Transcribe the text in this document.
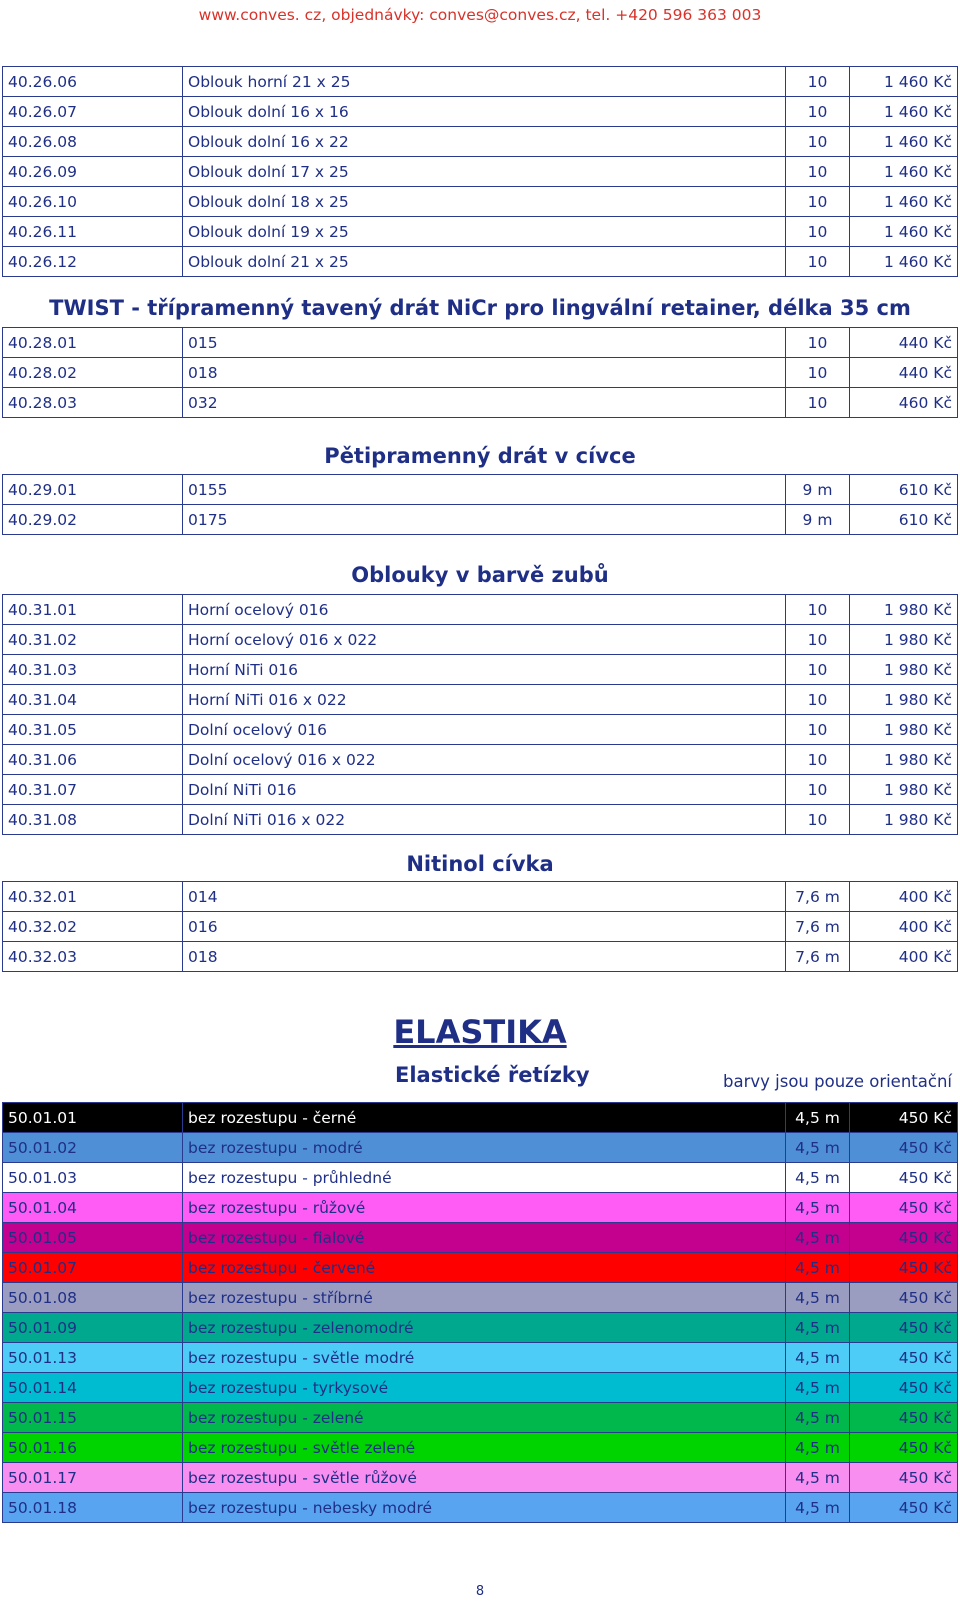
www.conves. cz, objednávky: conves@conves.cz, tel. +420 596 363 003
40.26.06	Oblouk horní 21 x 25	10	1 460 Kč
40.26.07	Oblouk dolní 16 x 16	10	1 460 Kč
40.26.08	Oblouk dolní 16 x 22	10	1 460 Kč
40.26.09	Oblouk dolní 17 x 25	10	1 460 Kč
40.26.10	Oblouk dolní 18 x 25	10	1 460 Kč
40.26.11	Oblouk dolní 19 x 25	10	1 460 Kč
40.26.12	Oblouk dolní 21 x 25	10	1 460 Kč
TWIST - třípramenný tavený drát NiCr pro lingvální retainer, délka 35 cm
40.28.01	015	10	440 Kč
40.28.02	018	10	440 Kč
40.28.03	032	10	460 Kč
Pětipramenný drát v cívce
40.29.01	0155	9 m	610 Kč
40.29.02	0175	9 m	610 Kč
Oblouky v barvě zubů
40.31.01	Horní ocelový 016	10	1 980 Kč
40.31.02	Horní ocelový 016 x 022	10	1 980 Kč
40.31.03	Horní NiTi 016	10	1 980 Kč
40.31.04	Horní NiTi 016 x 022	10	1 980 Kč
40.31.05	Dolní ocelový 016	10	1 980 Kč
40.31.06	Dolní ocelový 016 x 022	10	1 980 Kč
40.31.07	Dolní NiTi 016	10	1 980 Kč
40.31.08	Dolní NiTi 016 x 022	10	1 980 Kč
Nitinol cívka
40.32.01	014	7,6 m	400 Kč
40.32.02	016	7,6 m	400 Kč
40.32.03	018	7,6 m	400 Kč
ELASTIKA
Elastické řetízky	barvy jsou pouze orientační
50.01.01	bez rozestupu - černé	4,5 m	450 Kč
50.01.02	bez rozestupu - modré	4,5 m	450 Kč
50.01.03	bez rozestupu - průhledné	4,5 m	450 Kč
50.01.04	bez rozestupu - růžové	4,5 m	450 Kč
50.01.05	bez rozestupu - fialové	4,5 m	450 Kč
50.01.07	bez rozestupu - červené	4,5 m	450 Kč
50.01.08	bez rozestupu - stříbrné	4,5 m	450 Kč
50.01.09	bez rozestupu - zelenomodré	4,5 m	450 Kč
50.01.13	bez rozestupu - světle modré	4,5 m	450 Kč
50.01.14	bez rozestupu - tyrkysové	4,5 m	450 Kč
50.01.15	bez rozestupu - zelené	4,5 m	450 Kč
50.01.16	bez rozestupu - světle zelené	4,5 m	450 Kč
50.01.17	bez rozestupu - světle růžové	4,5 m	450 Kč
50.01.18	bez rozestupu - nebesky modré	4,5 m	450 Kč
8
